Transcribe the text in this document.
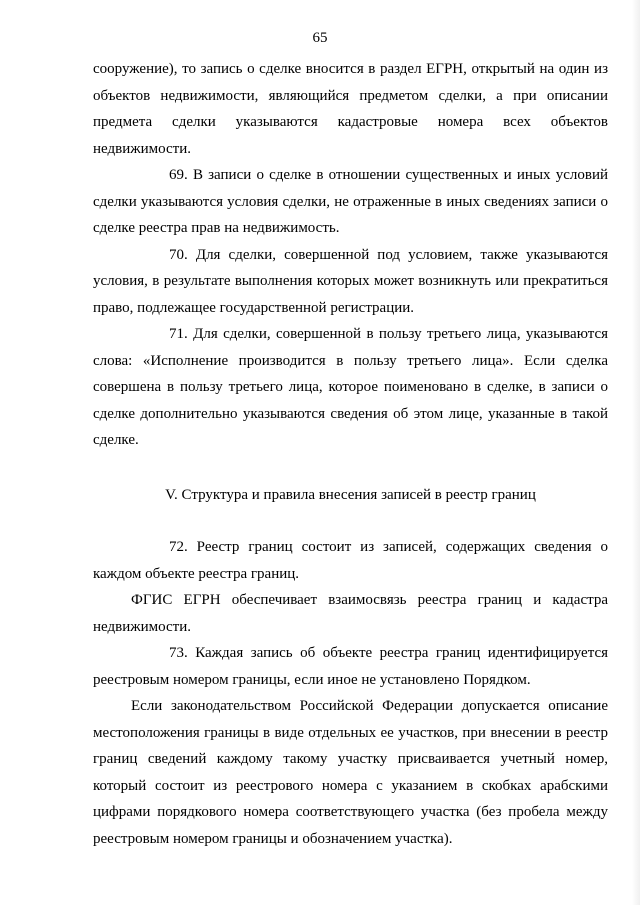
65

сооружение), то запись о сделке вносится в раздел ЕГРН, открытый на один из объектов недвижимости, являющийся предметом сделки, а при описании предмета сделки указываются кадастровые номера всех объектов недвижимости.

69. В записи о сделке в отношении существенных и иных условий сделки указываются условия сделки, не отраженные в иных сведениях записи о сделке реестра прав на недвижимость.

70. Для сделки, совершенной под условием, также указываются условия, в результате выполнения которых может возникнуть или прекратиться право, подлежащее государственной регистрации.

71. Для сделки, совершенной в пользу третьего лица, указываются слова: «Исполнение производится в пользу третьего лица». Если сделка совершена в пользу третьего лица, которое поименовано в сделке, в записи о сделке дополнительно указываются сведения об этом лице, указанные в такой сделке.

V. Структура и правила внесения записей в реестр границ

72. Реестр границ состоит из записей, содержащих сведения о каждом объекте реестра границ.

ФГИС ЕГРН обеспечивает взаимосвязь реестра границ и кадастра недвижимости.

73. Каждая запись об объекте реестра границ идентифицируется реестровым номером границы, если иное не установлено Порядком.

Если законодательством Российской Федерации допускается описание местоположения границы в виде отдельных ее участков, при внесении в реестр границ сведений каждому такому участку присваивается учетный номер, который состоит из реестрового номера с указанием в скобках арабскими цифрами порядкового номера соответствующего участка (без пробела между реестровым номером границы и обозначением участка).
